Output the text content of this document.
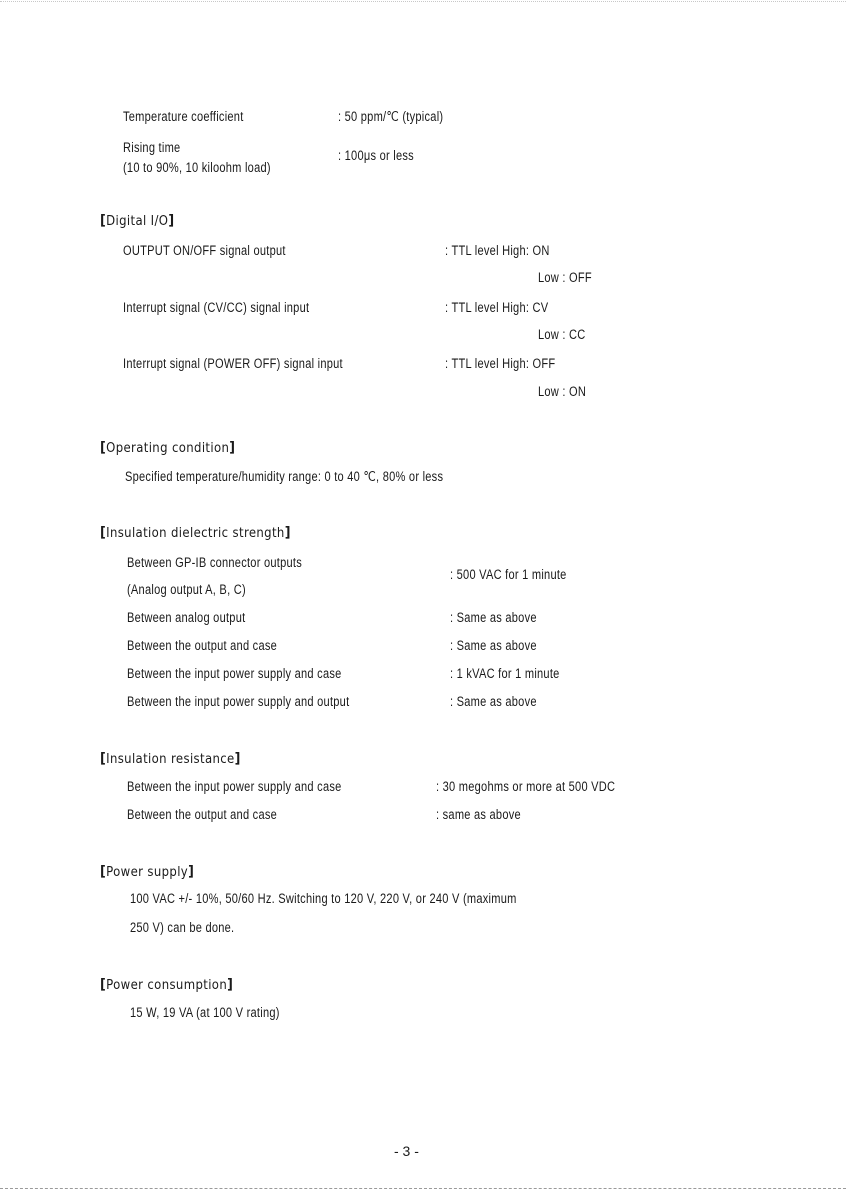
Temperature coefficient	: 50 ppm/℃ (typical)
Rising time
(10 to 90%, 10 kiloohm load)
: 100μs or less
[Digital I/O]
OUTPUT ON/OFF signal output	: TTL level High: ON
Low : OFF
Interrupt signal (CV/CC) signal input	: TTL level High: CV
Low : CC
Interrupt signal (POWER OFF) signal input	: TTL level High: OFF
Low : ON
[Operating condition]
Specified temperature/humidity range: 0 to 40 ℃, 80% or less
[Insulation dielectric strength]
Between GP-IB connector outputs
(Analog output A, B, C)
: 500 VAC for 1 minute
Between analog output	: Same as above
Between the output and case	: Same as above
Between the input power supply and case	: 1 kVAC for 1 minute
Between the input power supply and output	: Same as above
[Insulation resistance]
Between the input power supply and case	: 30 megohms or more at 500 VDC
Between the output and case	: same as above
[Power supply]
100 VAC +/- 10%, 50/60 Hz. Switching to 120 V, 220 V, or 240 V (maximum
250 V) can be done.
[Power consumption]
15 W, 19 VA (at 100 V rating)
- 3 -
